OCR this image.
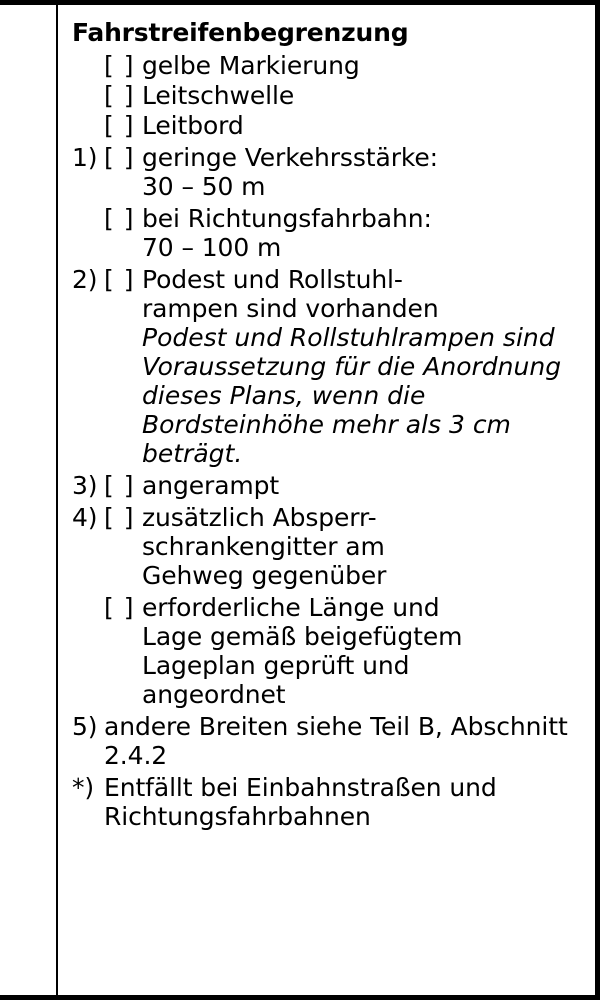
Fahrstreifenbegrenzung
[ ] gelbe Markierung
[ ] Leitschwelle
[ ] Leitbord
1) [ ] geringe Verkehrsstärke:
30 – 50 m
[ ] bei Richtungsfahrbahn:
70 – 100 m
2) [ ] Podest und Rollstuhl-
rampen sind vorhanden
Podest und Rollstuhlrampen sind Voraussetzung für die Anordnung dieses Plans, wenn die Bordsteinhöhe mehr als 3 cm beträgt.
3) [ ] angerampt
4) [ ] zusätzlich Absperr-
schrankengitter am
Gehweg gegenüber
[ ] erforderliche Länge und
Lage gemäß beigefügtem
Lageplan geprüft und
angeordnet
5) andere Breiten siehe Teil B, Abschnitt 2.4.2
*) Entfällt bei Einbahnstraßen und Richtungsfahrbahnen
